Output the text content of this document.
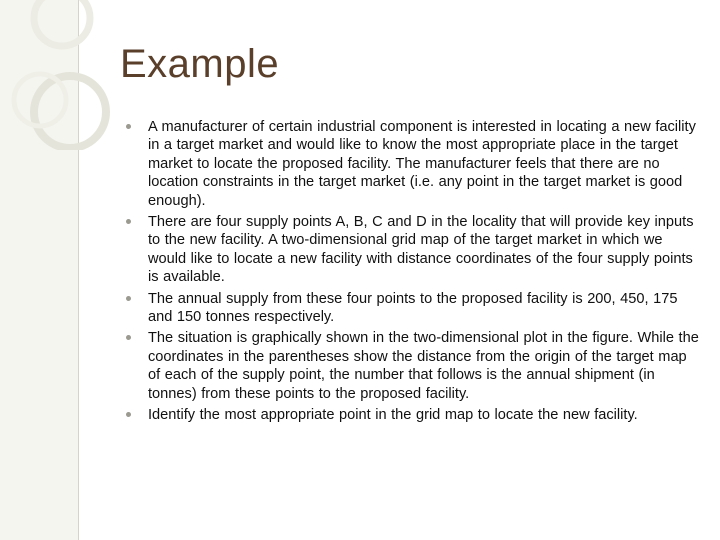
Example
A manufacturer of certain industrial component is interested in locating a new facility in a target market and would like to know the most appropriate place in the target market to locate the proposed facility. The manufacturer feels that there are no location constraints in the target market (i.e. any point in the target market is good enough).
There are four supply points A, B, C and D in the locality that will provide key inputs to the new facility. A two-dimensional grid map of the target market in which we would like to locate a new facility with distance coordinates of the four supply points is available.
The annual supply from these four points to the proposed facility is 200, 450, 175 and 150 tonnes respectively.
The situation is graphically shown in the two-dimensional plot in the figure. While the coordinates in the parentheses show the distance from the origin of the target map of each of the supply point, the number that follows is the annual shipment (in tonnes) from these points to the proposed facility.
Identify the most appropriate point in the grid map to locate the new facility.
